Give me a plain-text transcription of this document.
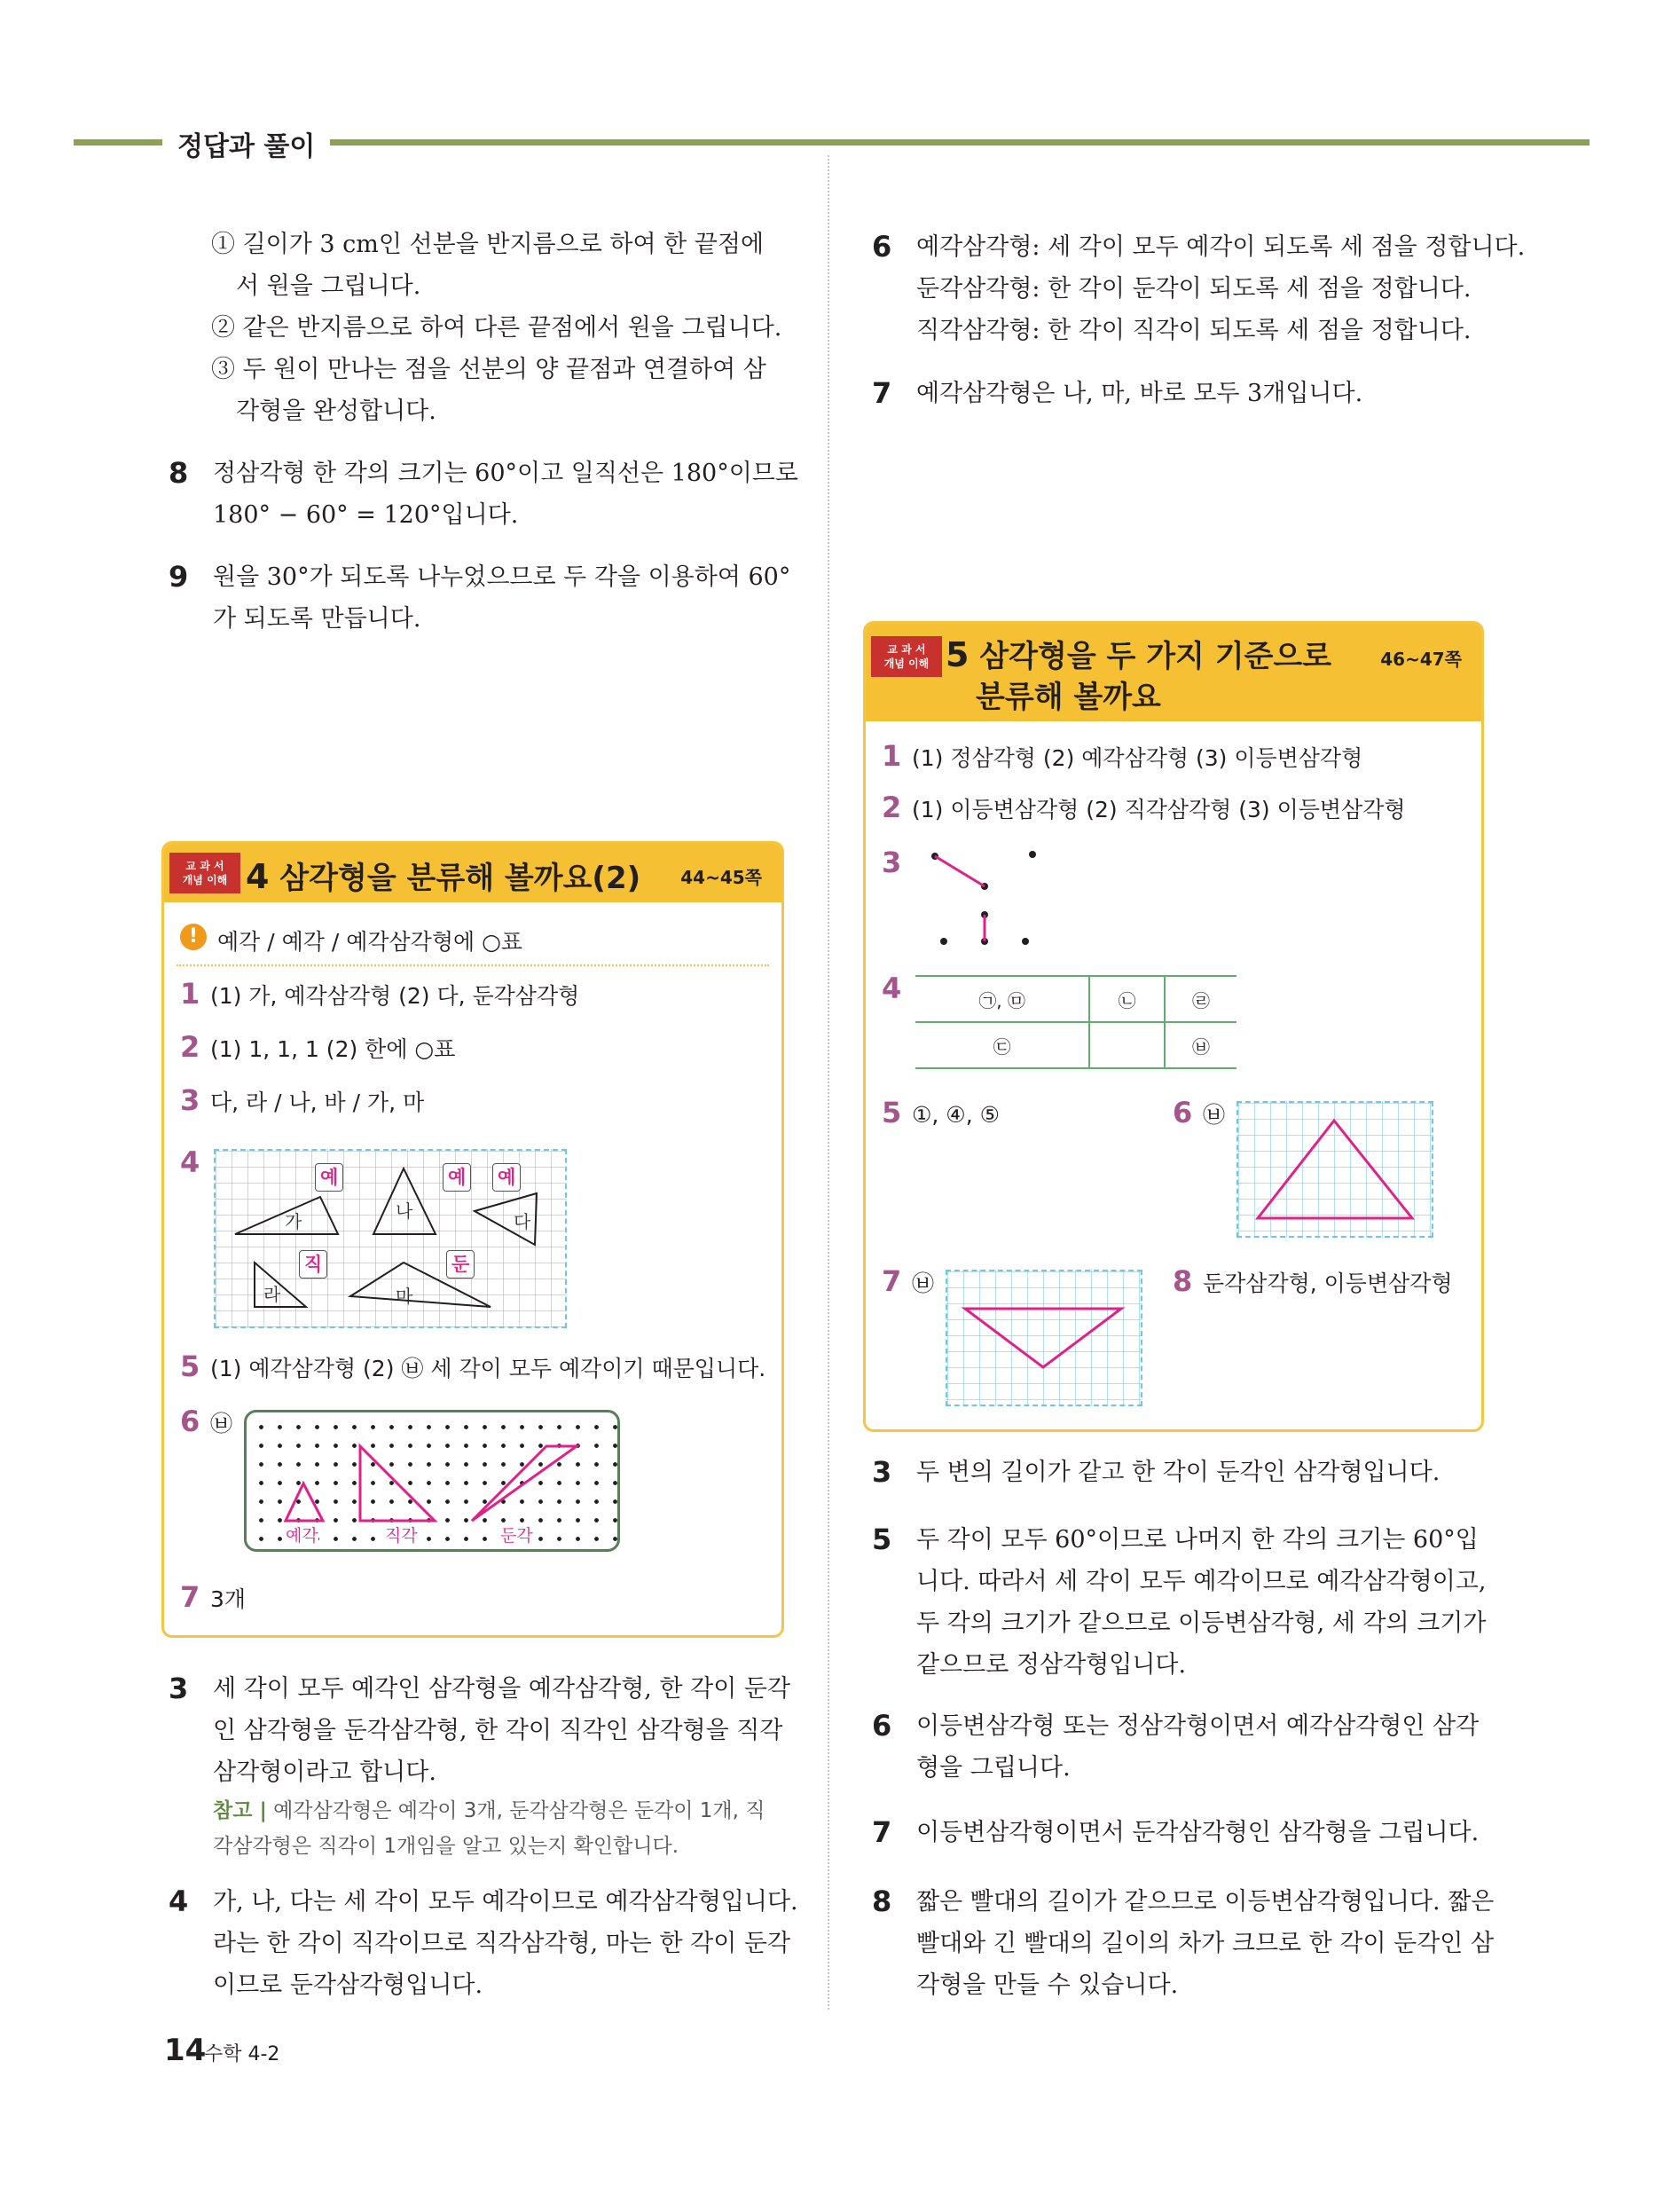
정답과 풀이
① 길이가 3 cm인 선분을 반지름으로 하여 한 끝점에
서 원을 그립니다.
② 같은 반지름으로 하여 다른 끝점에서 원을 그립니다.
③ 두 원이 만나는 점을 선분의 양 끝점과 연결하여 삼
각형을 완성합니다.
8 정삼각형 한 각의 크기는 60°이고 일직선은 180°이므로
180° − 60° = 120°입니다.
9 원을 30°가 되도록 나누었으므로 두 각을 이용하여 60°
가 되도록 만듭니다.
교 과 서
개념 이해 4 삼각형을 분류해 볼까요(2) 44~45쪽
! 예각 / 예각 / 예각삼각형에 ○표
1 (1) 가, 예각삼각형 (2) 다, 둔각삼각형
2 (1) 1, 1, 1 (2) 한에 ○표
3 다, 라 / 나, 바 / 가, 마
4
가	나	다
라	마
예	예 예
직	둔
5 (1) 예각삼각형 (2) ㉥ 세 각이 모두 예각이기 때문입니다.
6 ㉥
예각	직각	둔각
7 3개
3 세 각이 모두 예각인 삼각형을 예각삼각형, 한 각이 둔각
인 삼각형을 둔각삼각형, 한 각이 직각인 삼각형을 직각
삼각형이라고 합니다.
참고 | 예각삼각형은 예각이 3개, 둔각삼각형은 둔각이 1개, 직
각삼각형은 직각이 1개임을 알고 있는지 확인합니다.
4 가, 나, 다는 세 각이 모두 예각이므로 예각삼각형입니다.
라는 한 각이 직각이므로 직각삼각형, 마는 한 각이 둔각
이므로 둔각삼각형입니다.
6 예각삼각형: 세 각이 모두 예각이 되도록 세 점을 정합니다.
둔각삼각형: 한 각이 둔각이 되도록 세 점을 정합니다.
직각삼각형: 한 각이 직각이 되도록 세 점을 정합니다.
7 예각삼각형은 나, 마, 바로 모두 3개입니다.
교 과 서
개념 이해 5 삼각형을 두 가지 기준으로
분류해 볼까요
46~47쪽
1 (1) 정삼각형 (2) 예각삼각형 (3) 이등변삼각형
2 (1) 이등변삼각형 (2) 직각삼각형 (3) 이등변삼각형
3
4	㉠, ㉤	㉡	㉣
㉢		㉥
5 ①, ④, ⑤	6 ㉥
7 ㉥	8 둔각삼각형, 이등변삼각형
3 두 변의 길이가 같고 한 각이 둔각인 삼각형입니다.
5 두 각이 모두 60°이므로 나머지 한 각의 크기는 60°입
니다. 따라서 세 각이 모두 예각이므로 예각삼각형이고,
두 각의 크기가 같으므로 이등변삼각형, 세 각의 크기가
같으므로 정삼각형입니다.
6 이등변삼각형 또는 정삼각형이면서 예각삼각형인 삼각
형을 그립니다.
7 이등변삼각형이면서 둔각삼각형인 삼각형을 그립니다.
8 짧은 빨대의 길이가 같으므로 이등변삼각형입니다. 짧은
빨대와 긴 빨대의 길이의 차가 크므로 한 각이 둔각인 삼
각형을 만들 수 있습니다.
14
수학 4-2
